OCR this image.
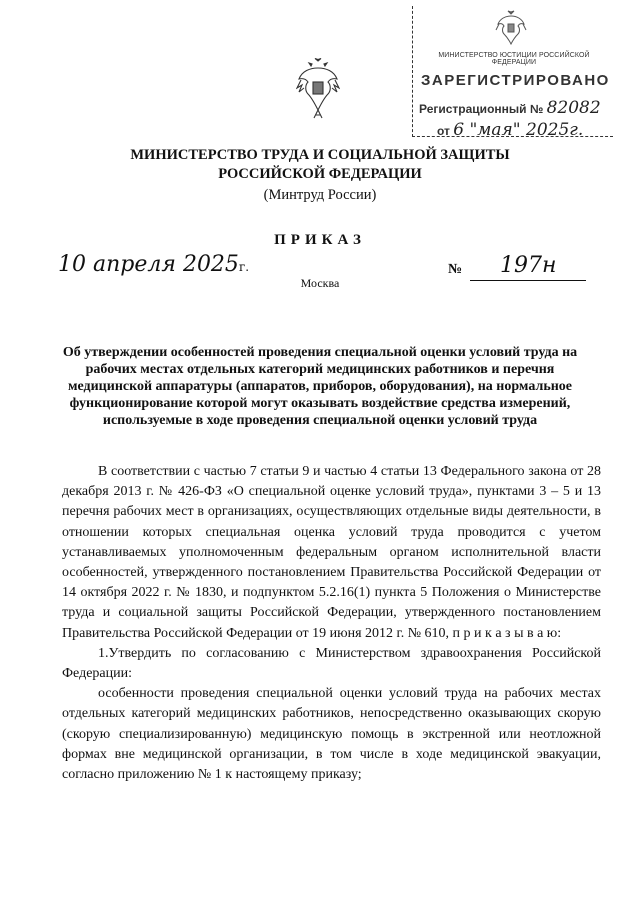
МИНИСТЕРСТВО ЮСТИЦИИ РОССИЙСКОЙ ФЕДЕРАЦИИ
ЗАРЕГИСТРИРОВАНО
Регистрационный № 82082
от 6 "мая" 2025г.
МИНИСТЕРСТВО ТРУДА И СОЦИАЛЬНОЙ ЗАЩИТЫ
РОССИЙСКОЙ ФЕДЕРАЦИИ
(Минтруд России)
ПРИКАЗ
10 апреля 2025г.
Москва
№ 197н
Об утверждении особенностей проведения специальной оценки условий труда на рабочих местах отдельных категорий медицинских работников и перечня медицинской аппаратуры (аппаратов, приборов, оборудования), на нормальное функционирование которой могут оказывать воздействие средства измерений, используемые в ходе проведения специальной оценки условий труда

В соответствии с частью 7 статьи 9 и частью 4 статьи 13 Федерального закона от 28 декабря 2013 г. № 426-ФЗ «О специальной оценке условий труда», пунктами 3 – 5 и 13 перечня рабочих мест в организациях, осуществляющих отдельные виды деятельности, в отношении которых специальная оценка условий труда проводится с учетом устанавливаемых уполномоченным федеральным органом исполнительной власти особенностей, утвержденного постановлением Правительства Российской Федерации от 14 октября 2022 г. № 1830, и подпунктом 5.2.16(1) пункта 5 Положения о Министерстве труда и социальной защиты Российской Федерации, утвержденного постановлением Правительства Российской Федерации от 19 июня 2012 г. № 610, п р и к а з ы в а ю:

1.Утвердить по согласованию с Министерством здравоохранения Российской Федерации:

особенности проведения специальной оценки условий труда на рабочих местах отдельных категорий медицинских работников, непосредственно оказывающих скорую (скорую специализированную) медицинскую помощь в экстренной или неотложной формах вне медицинской организации, в том числе в ходе медицинской эвакуации, согласно приложению № 1 к настоящему приказу;
